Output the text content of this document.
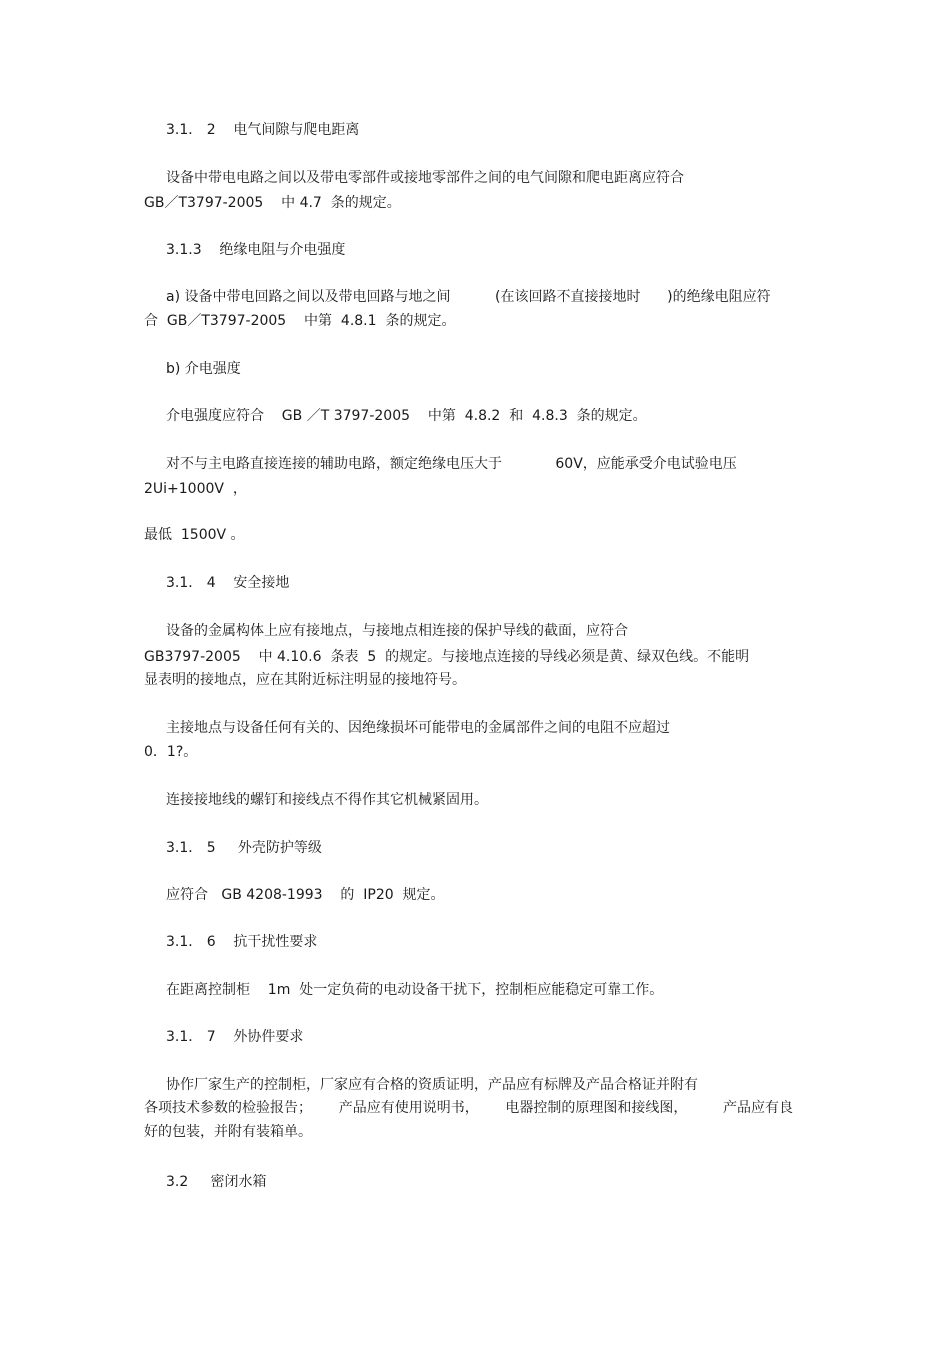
3.1． 2    电气间隙与爬电距离
设备中带电电路之间以及带电零部件或接地零部件之间的电气间隙和爬电距离应符合
GB／T3797-2005    中 4.7  条的规定。
3.1.3    绝缘电阻与介电强度
a) 设备中带电回路之间以及带电回路与地之间          (在该回路不直接接地时      )的绝缘电阻应符
合  GB／T3797-2005    中第  4.8.1  条的规定。
b) 介电强度
介电强度应符合    GB ／T 3797-2005    中第  4.8.2  和  4.8.3  条的规定。
对不与主电路直接连接的辅助电路，额定绝缘电压大于            60V，应能承受介电试验电压
2Ui+1000V  ，
最低  1500V 。
3.1． 4    安全接地
设备的金属构体上应有接地点，与接地点相连接的保护导线的截面，应符合
GB3797-2005    中 4.10.6  条表  5  的规定。与接地点连接的导线必须是黄、绿双色线。不能明
显表明的接地点，应在其附近标注明显的接地符号。
主接地点与设备任何有关的、因绝缘损坏可能带电的金属部件之间的电阻不应超过
0．1?。
连接接地线的螺钉和接线点不得作其它机械紧固用。
3.1． 5     外壳防护等级
应符合   GB 4208-1993    的  IP20  规定。
3.1． 6    抗干扰性要求
在距离控制柜    1m  处一定负荷的电动设备干扰下，控制柜应能稳定可靠工作。
3.1． 7    外协件要求
协作厂家生产的控制柜，厂家应有合格的资质证明，产品应有标牌及产品合格证并附有
各项技术参数的检验报告；      产品应有使用说明书，      电器控制的原理图和接线图，        产品应有良
好的包装，并附有装箱单。
3.2     密闭水箱
